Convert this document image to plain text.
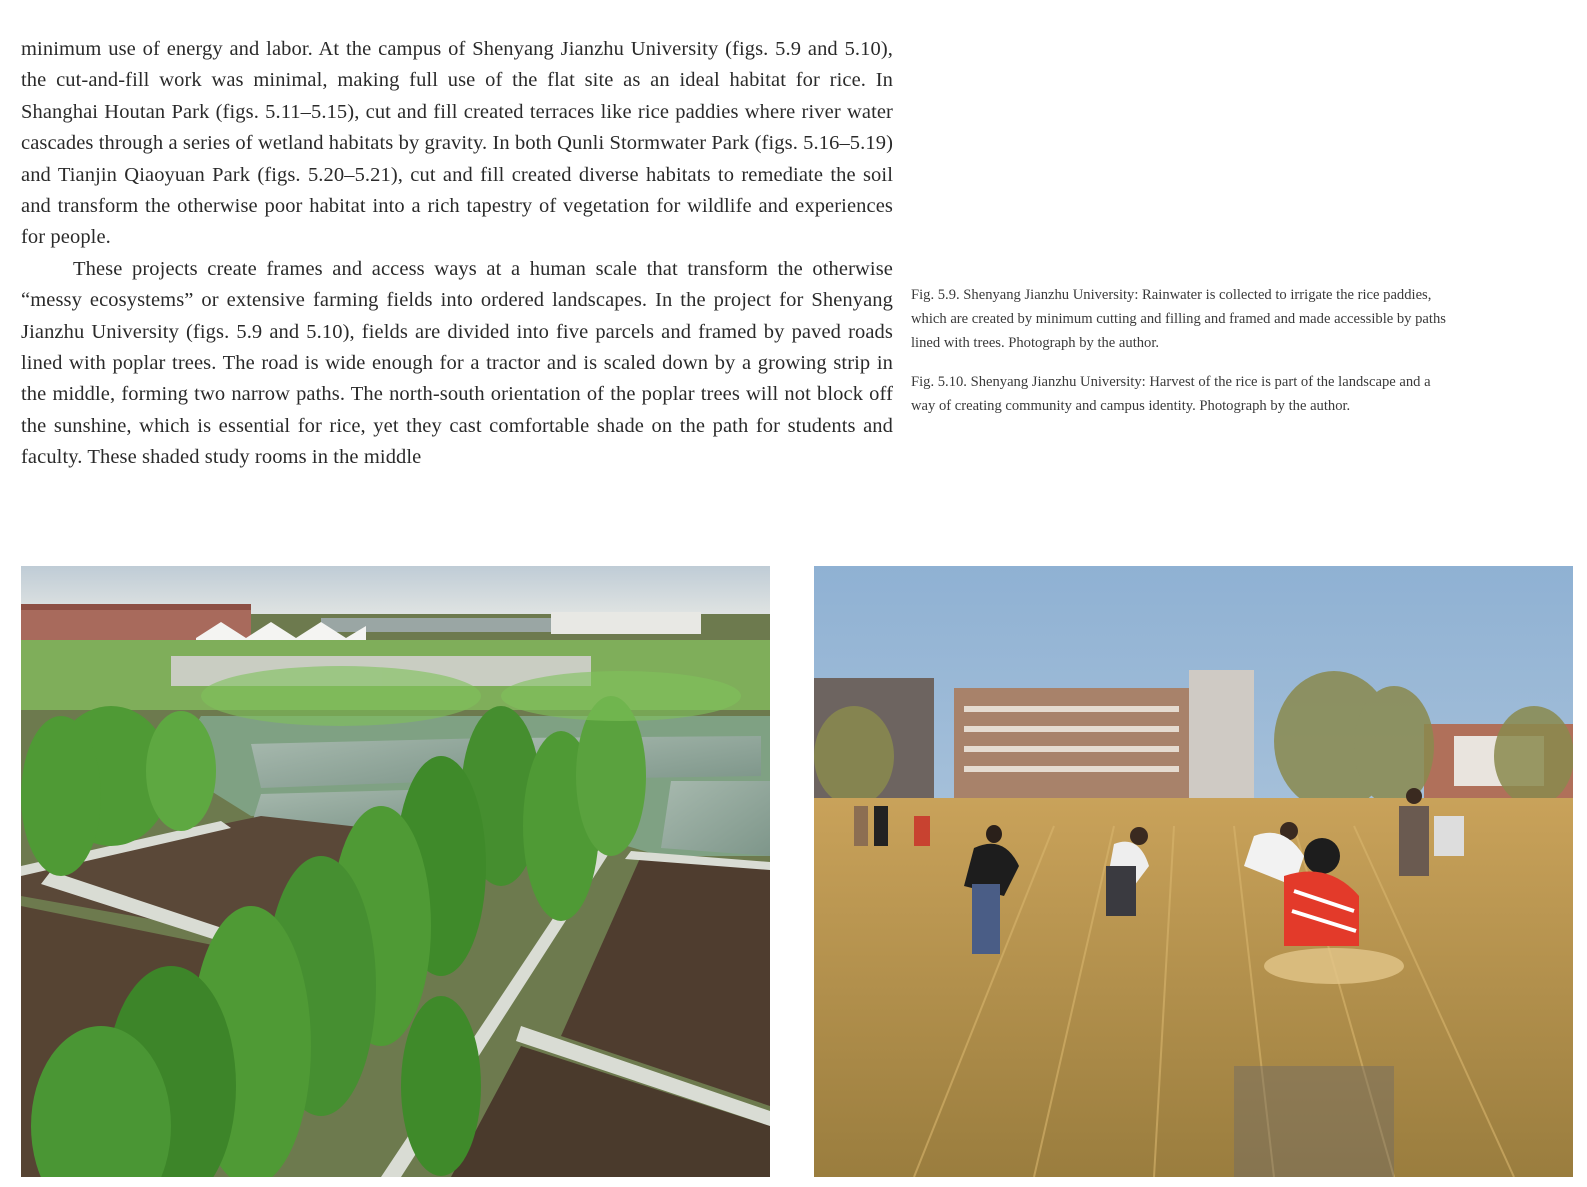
minimum use of energy and labor. At the campus of Shenyang Jianzhu University (figs. 5.9 and 5.10), the cut-and-fill work was minimal, making full use of the flat site as an ideal habitat for rice. In Shanghai Houtan Park (figs. 5.11–5.15), cut and fill created terraces like rice paddies where river water cascades through a series of wetland habitats by gravity. In both Qunli Stormwater Park (figs. 5.16–5.19) and Tianjin Qiaoyuan Park (figs. 5.20–5.21), cut and fill created diverse habitats to remediate the soil and transform the otherwise poor habitat into a rich tapestry of vegetation for wildlife and experiences for people.

These projects create frames and access ways at a human scale that transform the otherwise “messy ecosystems” or extensive farming fields into ordered landscapes. In the project for Shenyang Jianzhu University (figs. 5.9 and 5.10), fields are divided into five parcels and framed by paved roads lined with poplar trees. The road is wide enough for a tractor and is scaled down by a growing strip in the middle, forming two narrow paths. The north-south orientation of the poplar trees will not block off the sunshine, which is essential for rice, yet they cast comfortable shade on the path for students and faculty. These shaded study rooms in the middle

Fig. 5.9. Shenyang Jianzhu University: Rainwater is collected to irrigate the rice paddies, which are created by minimum cutting and filling and framed and made accessible by paths lined with trees. Photograph by the author.

Fig. 5.10. Shenyang Jianzhu University: Harvest of the rice is part of the landscape and a way of creating community and campus identity. Photograph by the author.
